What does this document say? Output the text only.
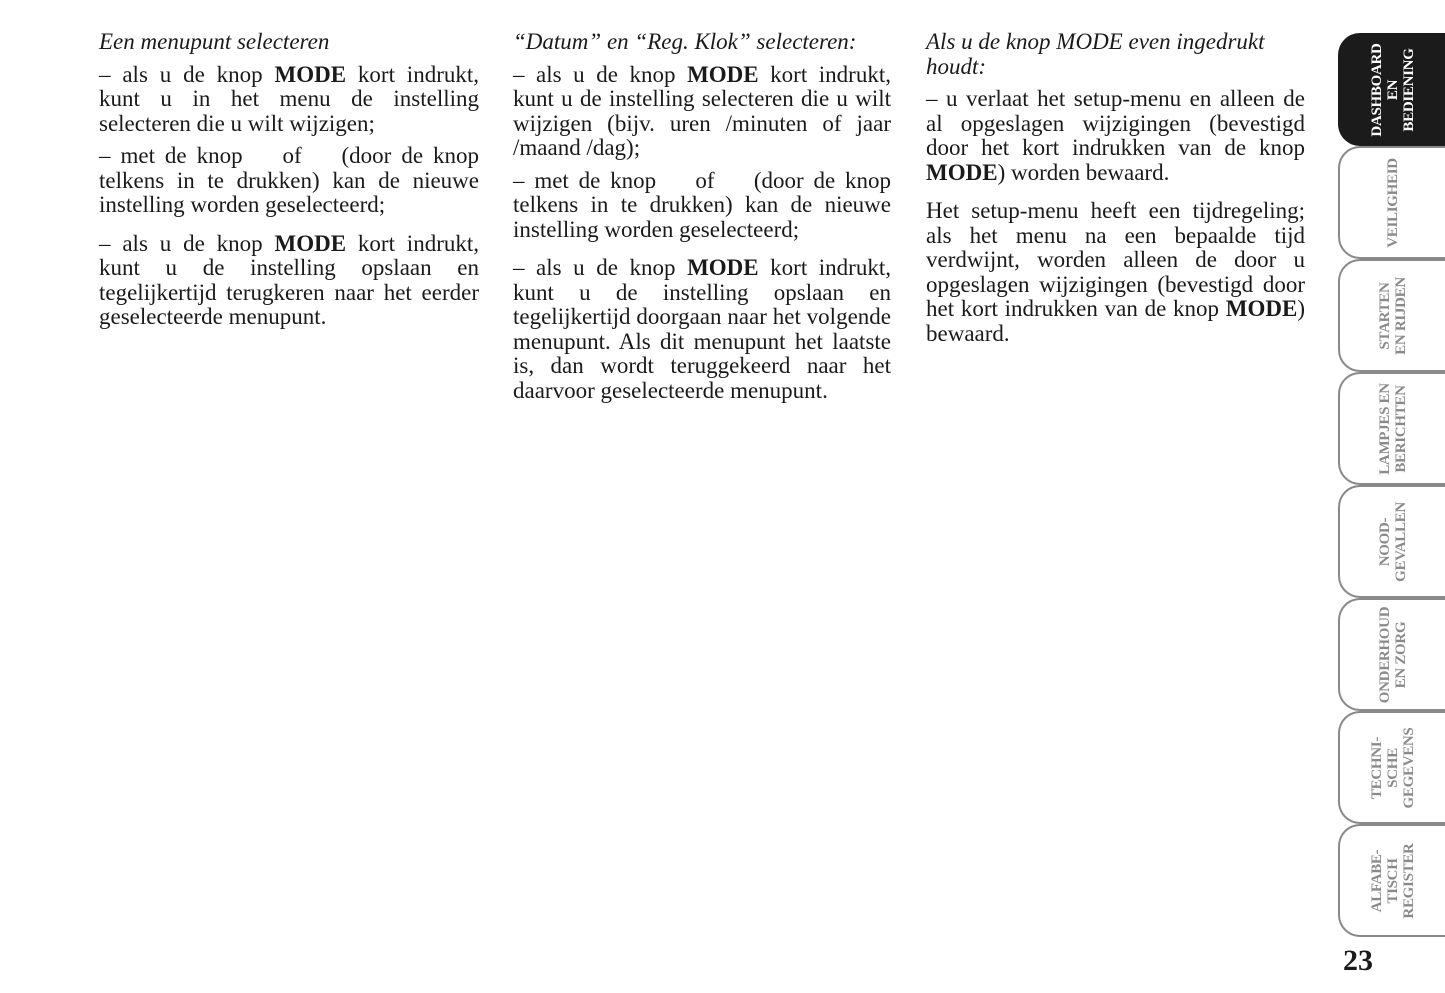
Een menupunt selecteren

– als u de knop MODE kort indrukt, kunt u in het menu de instelling selecteren die u wilt wijzigen;

– met de knop    of    (door de knop telkens in te drukken) kan de nieuwe instelling worden geselecteerd;

– als u de knop MODE kort indrukt, kunt u de instelling opslaan en tegelijkertijd terugkeren naar het eerder geselecteerde menupunt.

“Datum” en “Reg. Klok” selecteren:

– als u de knop MODE kort indrukt, kunt u de instelling selecteren die u wilt wijzigen (bijv. uren /minuten of jaar /maand /dag);

– met de knop    of    (door de knop telkens in te drukken) kan de nieuwe instelling worden geselecteerd;

– als u de knop MODE kort indrukt, kunt u de instelling opslaan en tegelijkertijd doorgaan naar het volgende menupunt. Als dit menupunt het laatste is, dan wordt teruggekeerd naar het daarvoor geselecteerde menupunt.

Als u de knop MODE even ingedrukt houdt:

– u verlaat het setup-menu en alleen de al opgeslagen wijzigingen (bevestigd door het kort indrukken van de knop MODE) worden bewaard.

Het setup-menu heeft een tijdregeling; als het menu na een bepaalde tijd verdwijnt, worden alleen de door u opgeslagen wijzigingen (bevestigd door het kort indrukken van de knop MODE) bewaard.

DASHBOARD
EN
BEDIENING
VEILIGHEID
STARTEN
EN RIJDEN
LAMPJES EN
BERICHTEN
NOOD-
GEVALLEN
ONDERHOUD
EN ZORG
TECHNI-
SCHE
GEGEVENS
ALFABE-
TISCH
REGISTER
23
